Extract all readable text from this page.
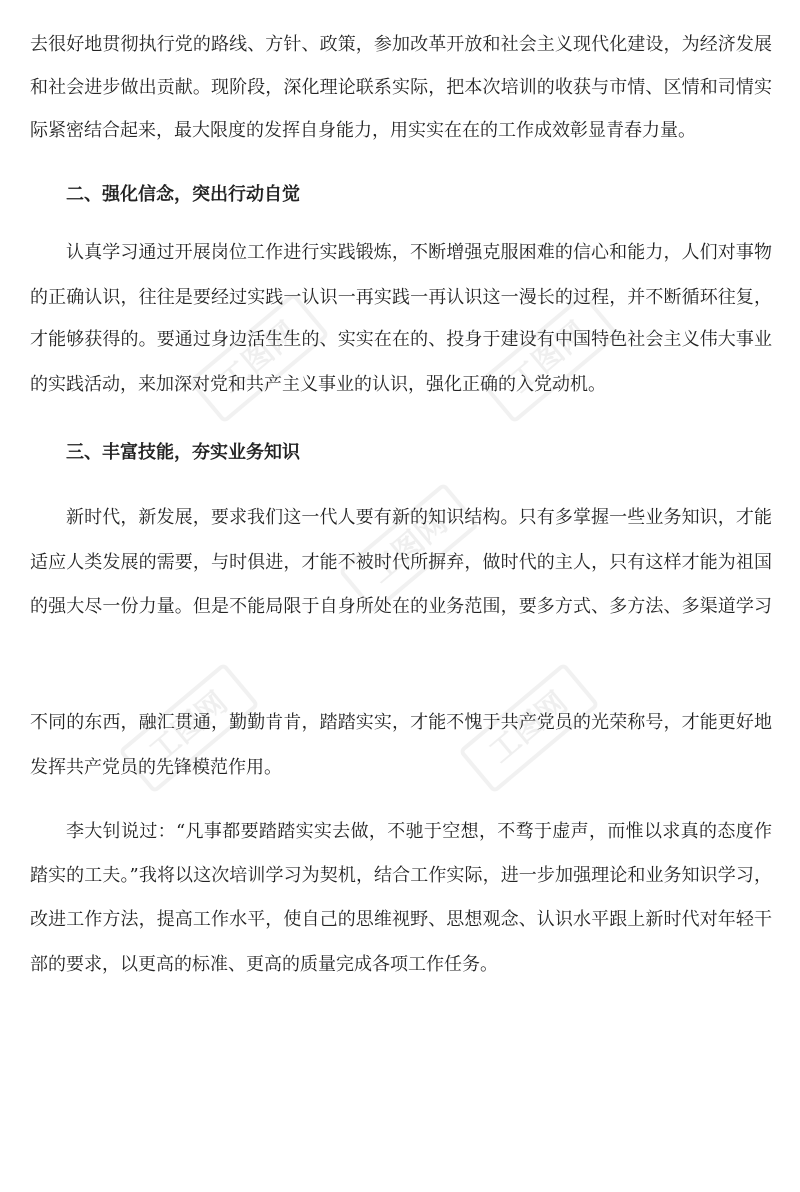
工图网	工图网
工图网
工图网	工图网
去很好地贯彻执行党的路线、方针、政策，参加改革开放和社会主义现代化建设，为经济发展
和社会进步做出贡献。现阶段，深化理论联系实际，把本次培训的收获与市情、区情和司情实
际紧密结合起来，最大限度的发挥自身能力，用实实在在的工作成效彰显青春力量。
二、强化信念，突出行动自觉
认真学习通过开展岗位工作进行实践锻炼，不断增强克服困难的信心和能力，人们对事物
的正确认识，往往是要经过实践一认识一再实践一再认识这一漫长的过程，并不断循环往复，
才能够获得的。要通过身边活生生的、实实在在的、投身于建设有中国特色社会主义伟大事业
的实践活动，来加深对党和共产主义事业的认识，强化正确的入党动机。
三、丰富技能，夯实业务知识
新时代，新发展，要求我们这一代人要有新的知识结构。只有多掌握一些业务知识，才能
适应人类发展的需要，与时俱进，才能不被时代所摒弃，做时代的主人，只有这样才能为祖国
的强大尽一份力量。但是不能局限于自身所处在的业务范围，要多方式、多方法、多渠道学习
不同的东西，融汇贯通，勤勤肯肯，踏踏实实，才能不愧于共产党员的光荣称号，才能更好地
发挥共产党员的先锋模范作用。
李大钊说过：“凡事都要踏踏实实去做，不驰于空想，不骛于虚声，而惟以求真的态度作
踏实的工夫。”我将以这次培训学习为契机，结合工作实际，进一步加强理论和业务知识学习，
改进工作方法，提高工作水平，使自己的思维视野、思想观念、认识水平跟上新时代对年轻干
部的要求，以更高的标准、更高的质量完成各项工作任务。
